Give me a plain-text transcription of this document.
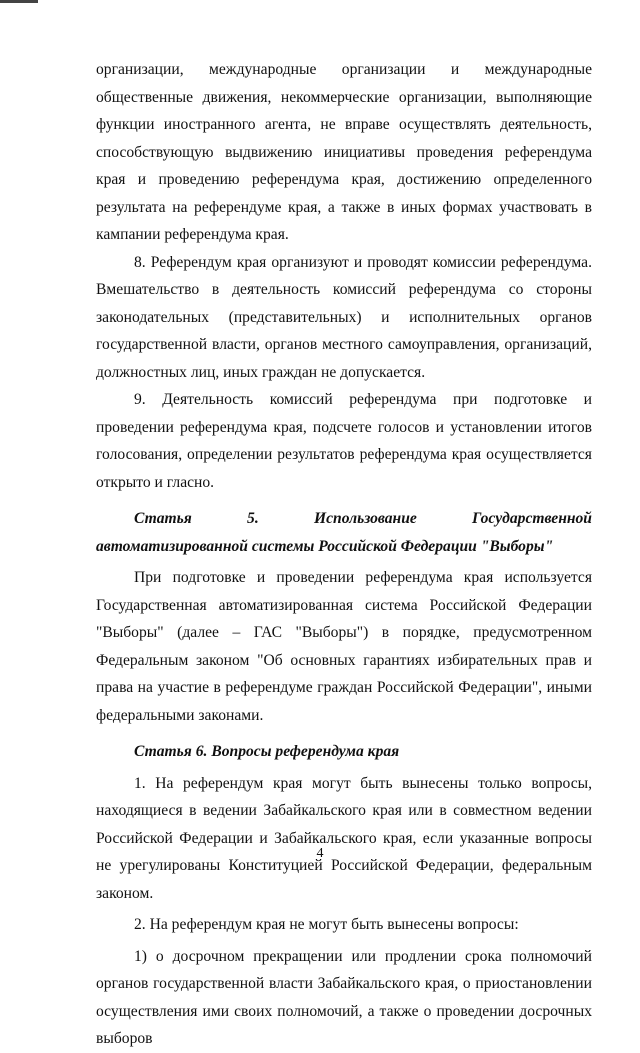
организации, международные организации и международные общественные движения, некоммерческие организации, выполняющие функции иностранного агента, не вправе осуществлять деятельность, способствующую выдвижению инициативы проведения референдума края и проведению референдума края, достижению определенного результата на референдуме края, а также в иных формах участвовать в кампании референдума края.

8. Референдум края организуют и проводят комиссии референдума. Вмешательство в деятельность комиссий референдума со стороны законодательных (представительных) и исполнительных органов государственной власти, органов местного самоуправления, организаций, должностных лиц, иных граждан не допускается.

9. Деятельность комиссий референдума при подготовке и проведении референдума края, подсчете голосов и установлении итогов голосования, определении результатов референдума края осуществляется открыто и гласно.

Статья 5. Использование Государственной автоматизированной системы Российской Федерации "Выборы"

При подготовке и проведении референдума края используется Государственная автоматизированная система Российской Федерации "Выборы" (далее – ГАС "Выборы") в порядке, предусмотренном Федеральным законом "Об основных гарантиях избирательных прав и права на участие в референдуме граждан Российской Федерации", иными федеральными законами.

Статья 6. Вопросы референдума края

1. На референдум края могут быть вынесены только вопросы, находящиеся в ведении Забайкальского края или в совместном ведении Российской Федерации и Забайкальского края, если указанные вопросы не урегулированы Конституцией Российской Федерации, федеральным законом.

2. На референдум края не могут быть вынесены вопросы:

1) о досрочном прекращении или продлении срока полномочий органов государственной власти Забайкальского края, о приостановлении осуществления ими своих полномочий, а также о проведении досрочных выборов

4
